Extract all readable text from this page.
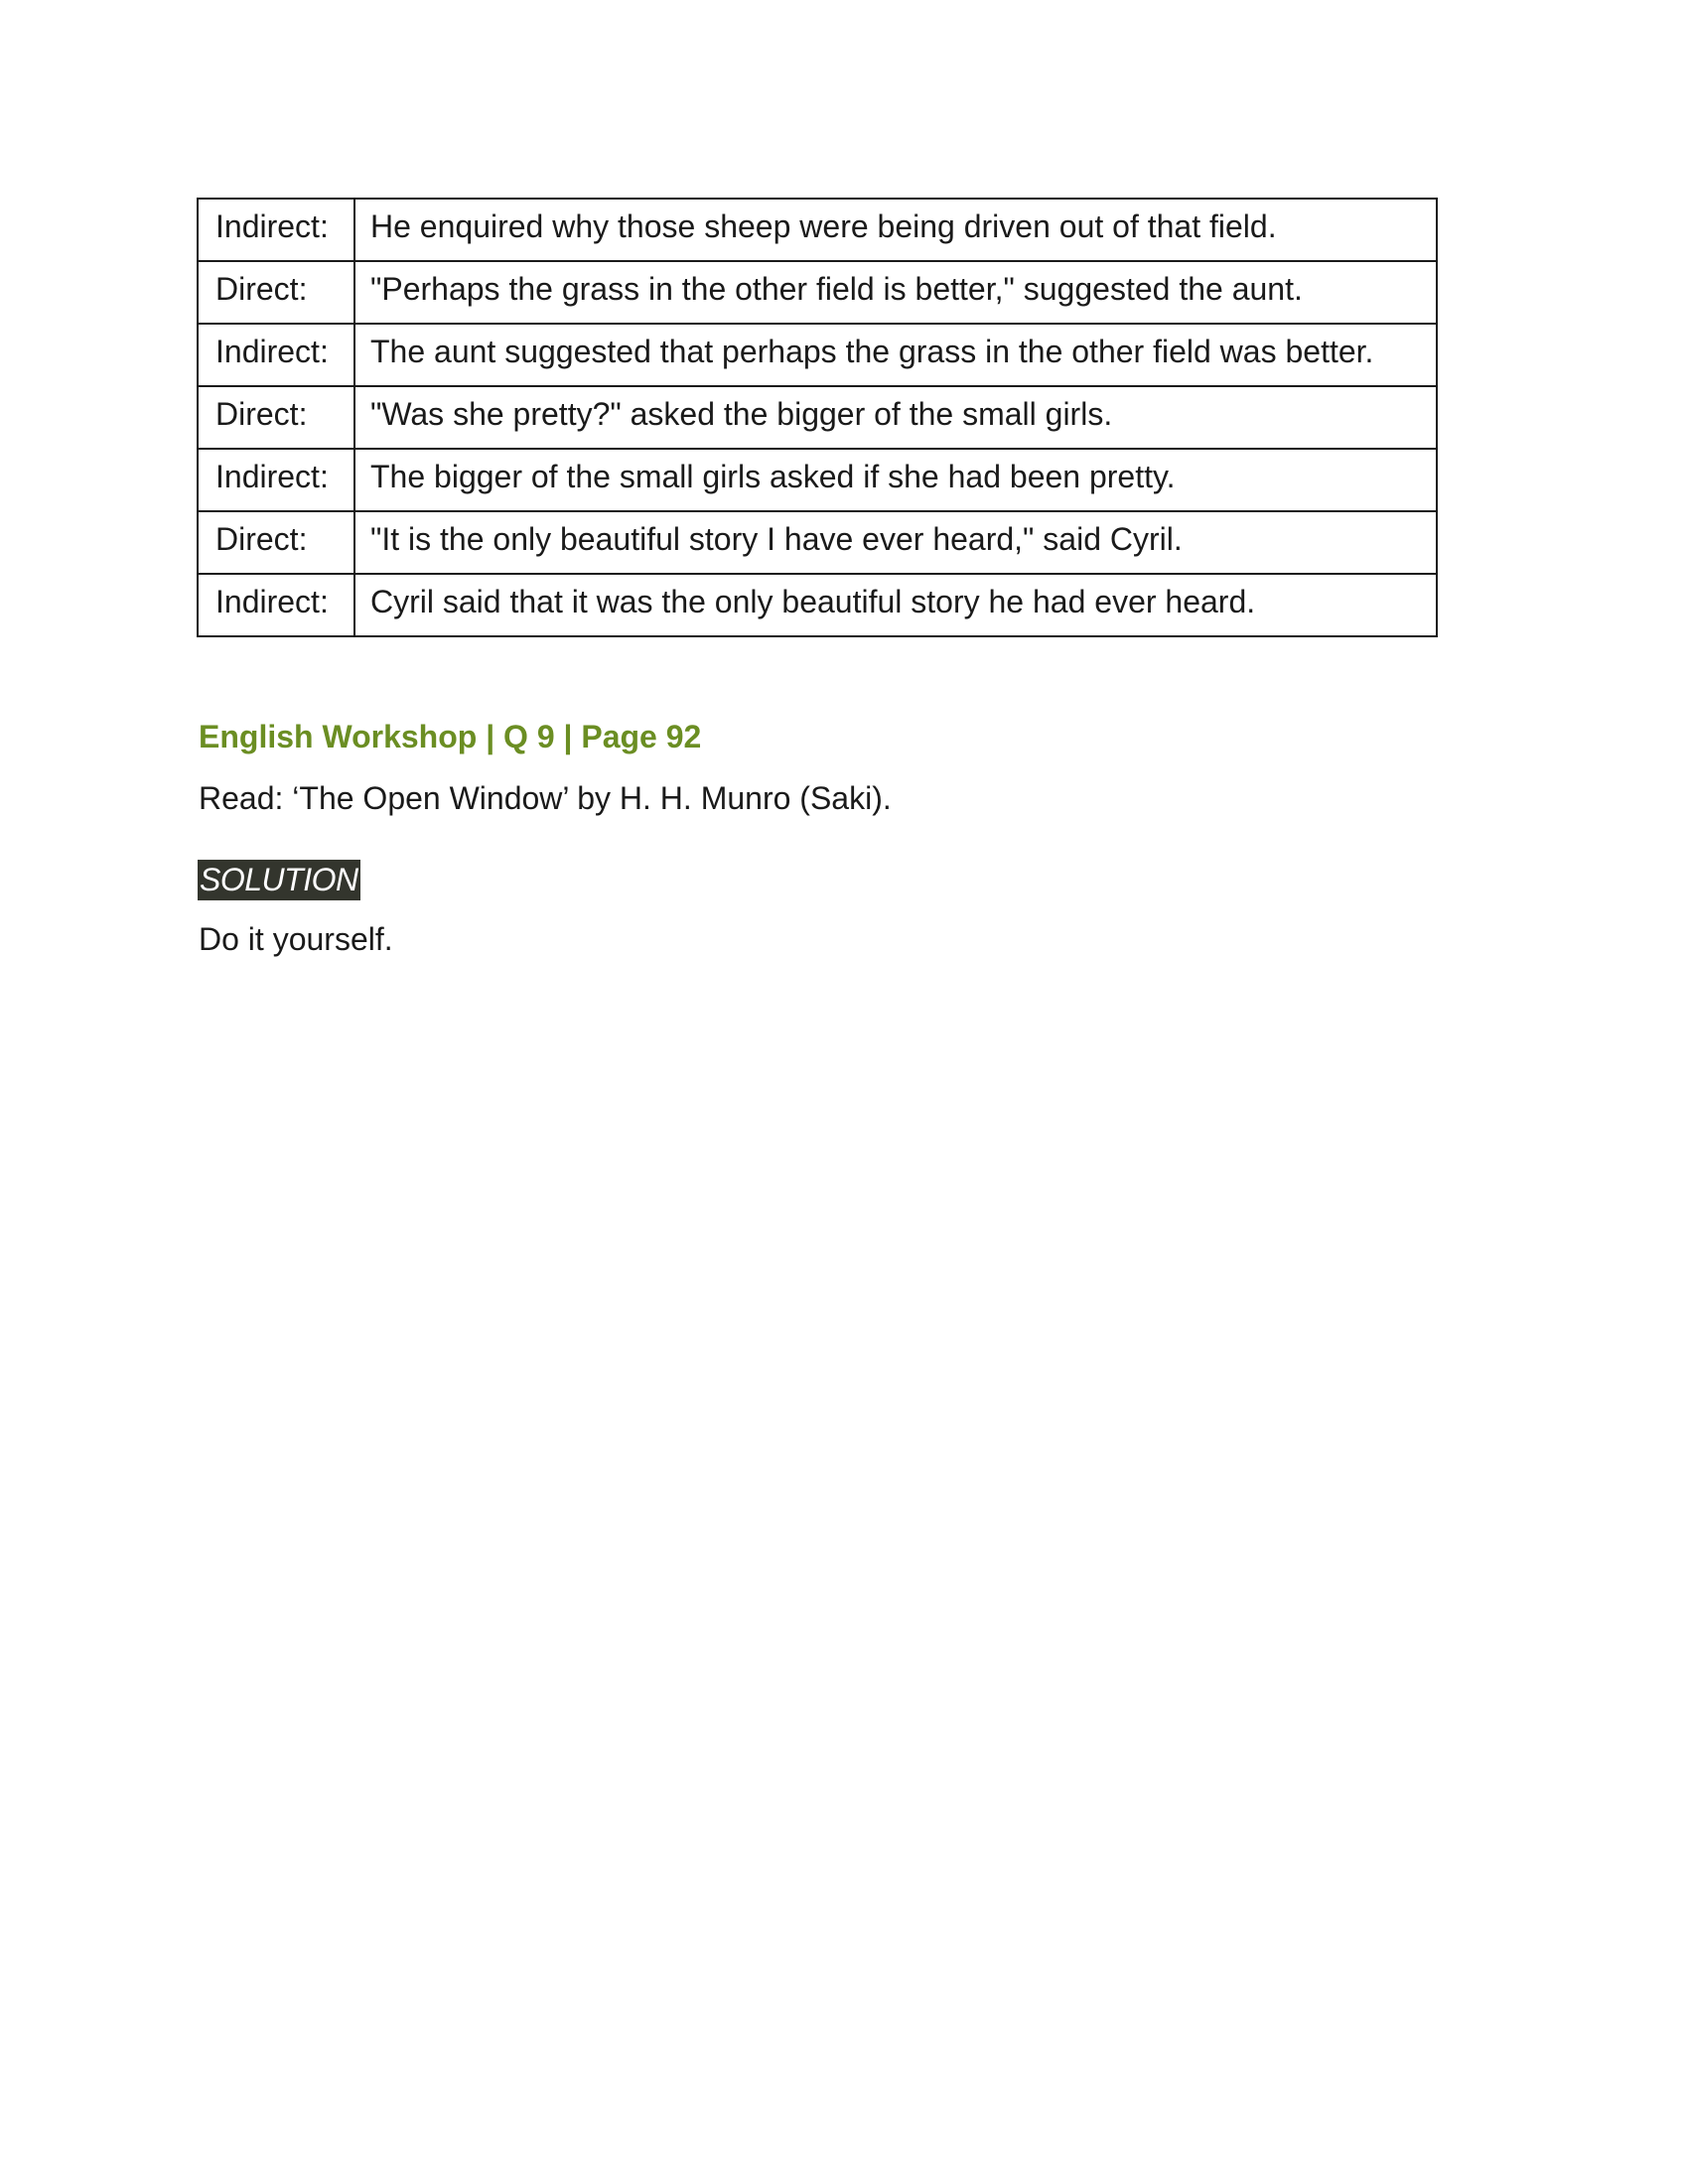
Indirect:	He enquired why those sheep were being driven out of that field.
Direct:	"Perhaps the grass in the other field is better," suggested the aunt.
Indirect:	The aunt suggested that perhaps the grass in the other field was better.
Direct:	"Was she pretty?" asked the bigger of the small girls.
Indirect:	The bigger of the small girls asked if she had been pretty.
Direct:	"It is the only beautiful story I have ever heard," said Cyril.
Indirect:	Cyril said that it was the only beautiful story he had ever heard.
English Workshop | Q 9 | Page 92

Read: ‘The Open Window’ by H. H. Munro (Saki).

SOLUTION

Do it yourself.
